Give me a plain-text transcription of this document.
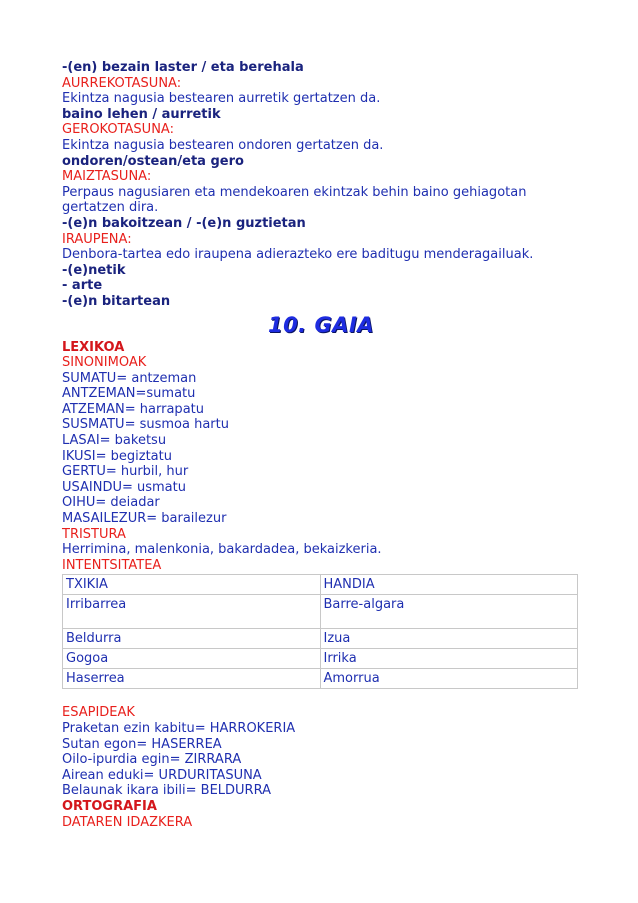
-(en) bezain laster / eta berehala
AURREKOTASUNA:
Ekintza nagusia bestearen aurretik gertatzen da.
baino lehen / aurretik
GEROKOTASUNA:
Ekintza nagusia bestearen ondoren gertatzen da.
ondoren/ostean/eta gero
MAIZTASUNA:
Perpaus nagusiaren eta mendekoaren ekintzak behin baino gehiagotan
gertatzen dira.
-(e)n bakoitzean / -(e)n guztietan
IRAUPENA:
Denbora-tartea edo iraupena adierazteko ere baditugu menderagailuak.
-(e)netik
- arte
-(e)n bitartean
10. GAIA
LEXIKOA
SINONIMOAK
SUMATU= antzeman
ANTZEMAN=sumatu
ATZEMAN= harrapatu
SUSMATU= susmoa hartu
LASAI= baketsu
IKUSI= begiztatu
GERTU= hurbil, hur
USAINDU= usmatu
OIHU= deiadar
MASAILEZUR= barailezur
TRISTURA
Herrimina, malenkonia, bakardadea, bekaizkeria.
INTENTSITATEA
TXIKIA	HANDIA
Irribarrea	Barre-algara
Beldurra	Izua
Gogoa	Irrika
Haserrea	Amorrua
ESAPIDEAK
Praketan ezin kabitu= HARROKERIA
Sutan egon= HASERREA
Oilo-ipurdia egin= ZIRRARA
Airean eduki= URDURITASUNA
Belaunak ikara ibili= BELDURRA
ORTOGRAFIA
DATAREN IDAZKERA
